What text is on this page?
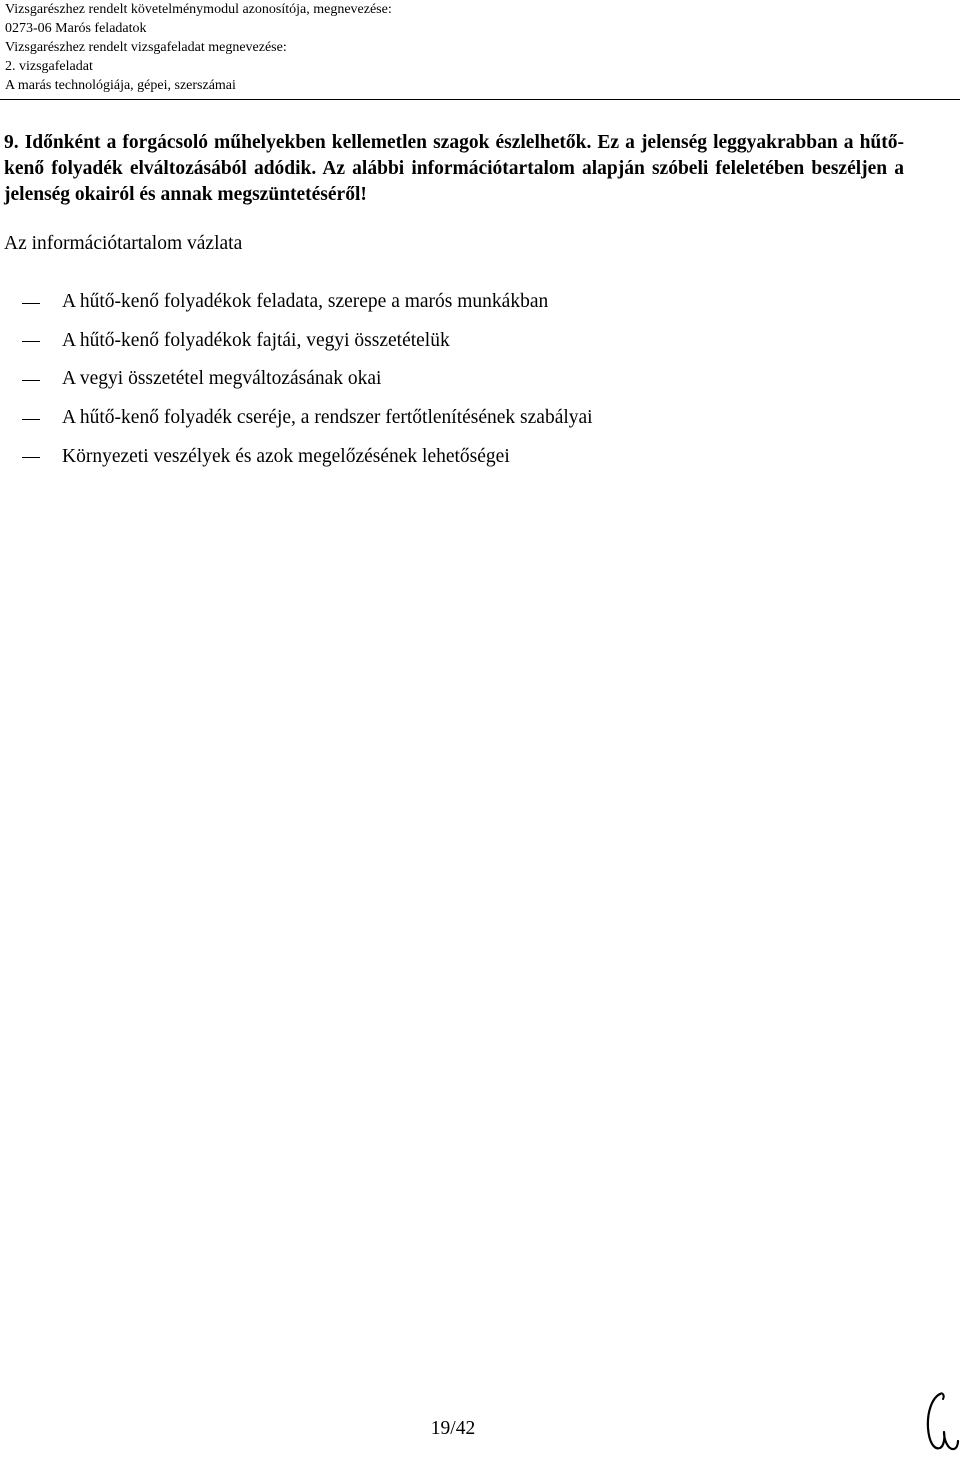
Vizsgarészhez rendelt követelménymodul azonosítója, megnevezése:
0273-06 Marós feladatok
Vizsgarészhez rendelt vizsgafeladat megnevezése:
2. vizsgafeladat
A marás technológiája, gépei, szerszámai
9. Időnként a forgácsoló műhelyekben kellemetlen szagok észlelhetők. Ez a jelenség leggyakrabban a hűtő-kenő folyadék elváltozásából adódik. Az alábbi információtartalom alapján szóbeli feleletében beszéljen a jelenség okairól és annak megszüntetéséről!
Az információtartalom vázlata
A hűtő-kenő folyadékok feladata, szerepe a marós munkákban
A hűtő-kenő folyadékok fajtái, vegyi összetételük
A vegyi összetétel megváltozásának okai
A hűtő-kenő folyadék cseréje, a rendszer fertőtlenítésének szabályai
Környezeti veszélyek és azok megelőzésének lehetőségei
19/42
